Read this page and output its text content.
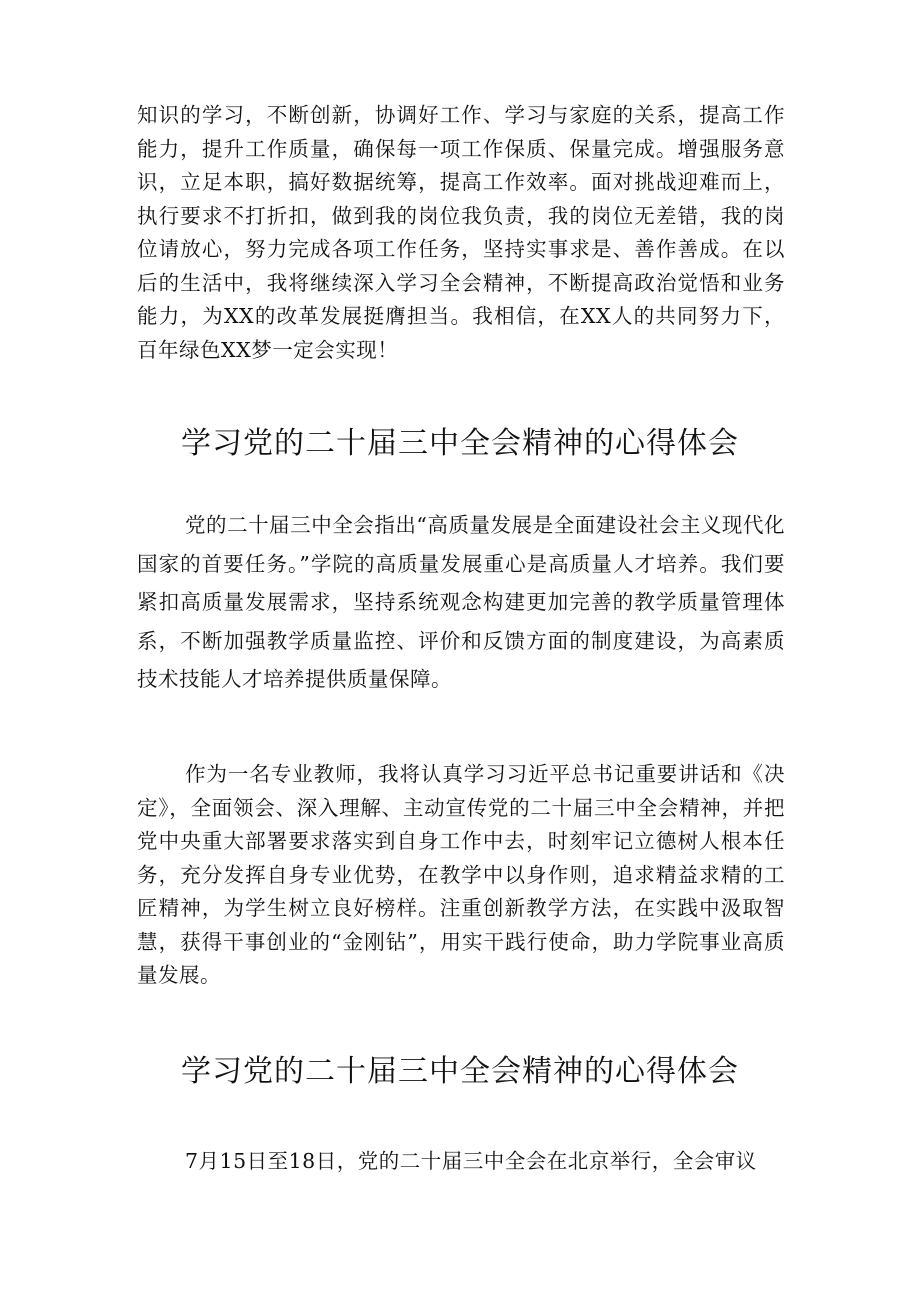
知识的学习，不断创新，协调好工作、学习与家庭的关系，提高工作能力，提升工作质量，确保每一项工作保质、保量完成。增强服务意识，立足本职，搞好数据统筹，提高工作效率。面对挑战迎难而上，执行要求不打折扣，做到我的岗位我负责，我的岗位无差错，我的岗位请放心，努力完成各项工作任务，坚持实事求是、善作善成。在以后的生活中，我将继续深入学习全会精神，不断提高政治觉悟和业务能力，为XX的改革发展挺膺担当。我相信，在XX人的共同努力下，百年绿色XX梦一定会实现！

学习党的二十届三中全会精神的心得体会

党的二十届三中全会指出“高质量发展是全面建设社会主义现代化国家的首要任务。”学院的高质量发展重心是高质量人才培养。我们要紧扣高质量发展需求，坚持系统观念构建更加完善的教学质量管理体系，不断加强教学质量监控、评价和反馈方面的制度建设，为高素质技术技能人才培养提供质量保障。

作为一名专业教师，我将认真学习习近平总书记重要讲话和《决定》，全面领会、深入理解、主动宣传党的二十届三中全会精神，并把党中央重大部署要求落实到自身工作中去，时刻牢记立德树人根本任务，充分发挥自身专业优势，在教学中以身作则，追求精益求精的工匠精神，为学生树立良好榜样。注重创新教学方法，在实践中汲取智慧，获得干事创业的“金刚钻”，用实干践行使命，助力学院事业高质量发展。

学习党的二十届三中全会精神的心得体会

7月15日至18日，党的二十届三中全会在北京举行，全会审议
